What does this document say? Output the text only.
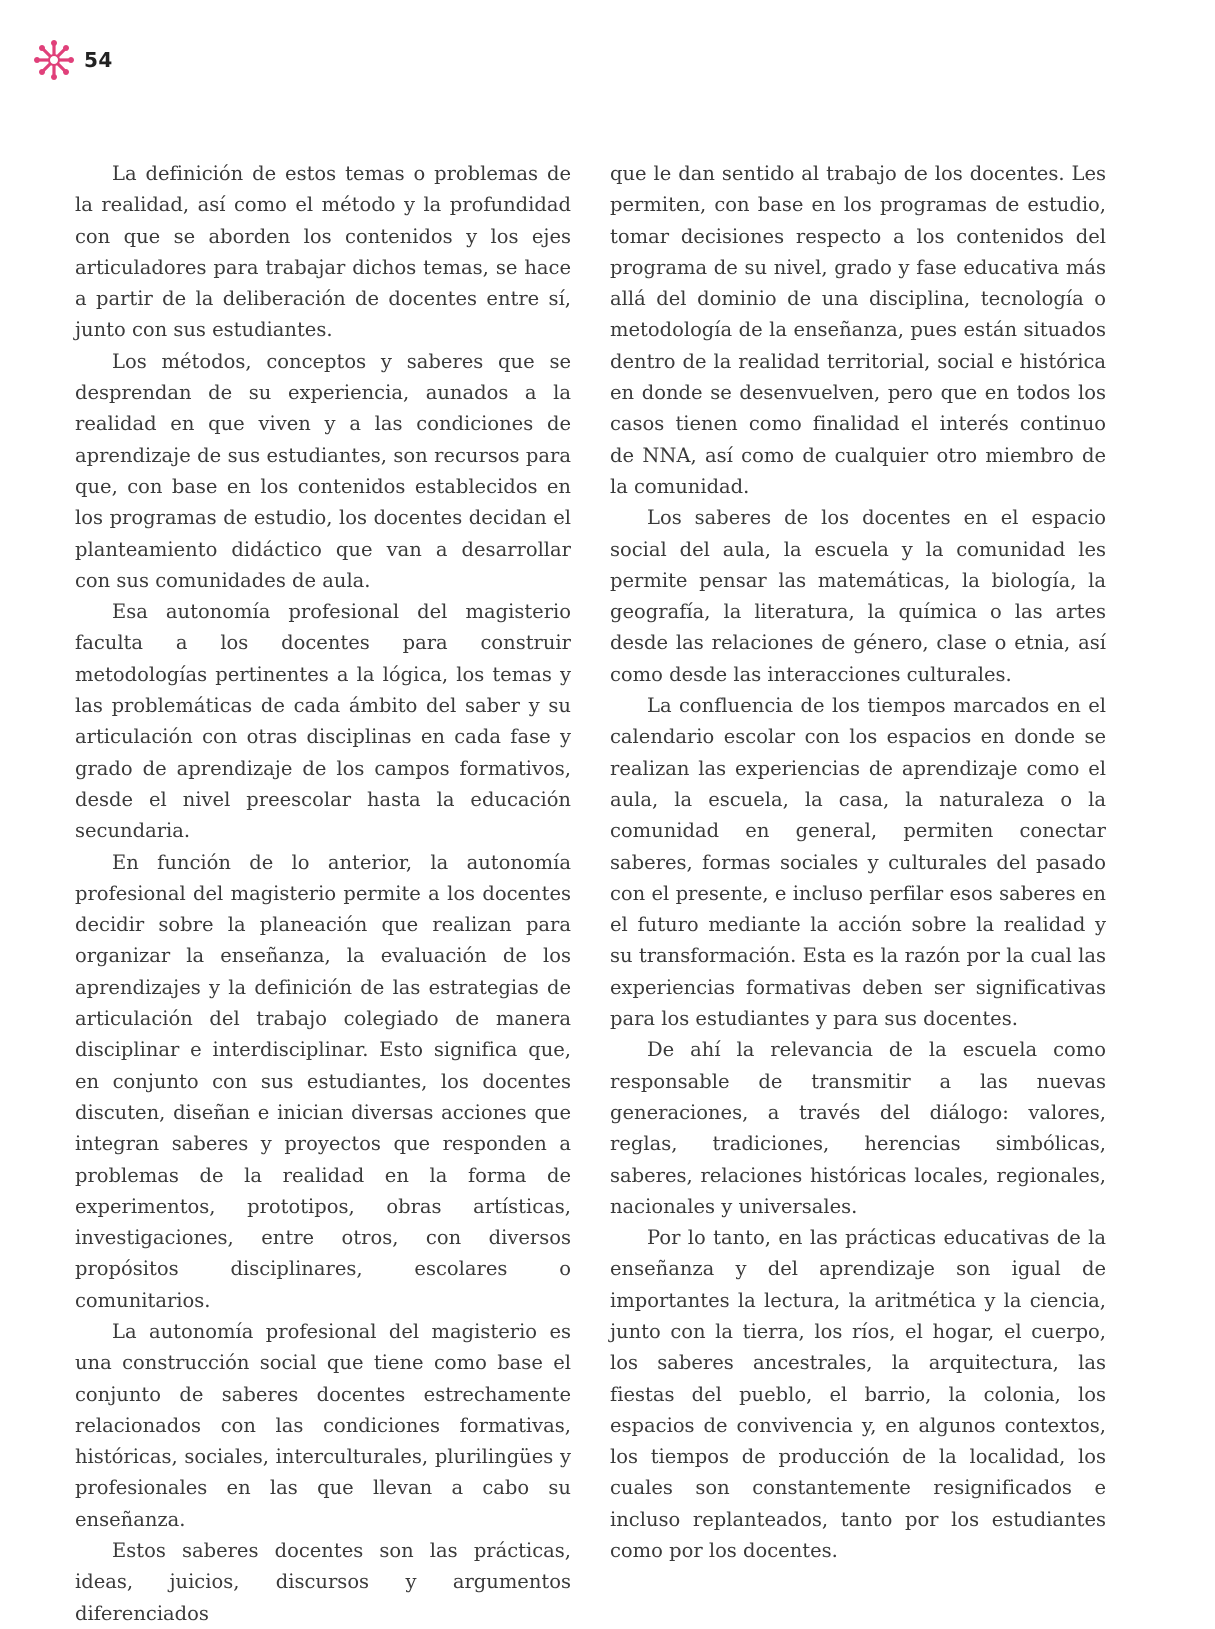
54

La definición de estos temas o problemas de la realidad, así como el método y la profundidad con que se aborden los contenidos y los ejes articuladores para trabajar dichos temas, se hace a partir de la deliberación de docentes entre sí, junto con sus estudiantes.

Los métodos, conceptos y saberes que se desprendan de su experiencia, aunados a la realidad en que viven y a las condiciones de aprendizaje de sus estudiantes, son recursos para que, con base en los contenidos establecidos en los programas de estudio, los docentes decidan el planteamiento didáctico que van a desarrollar con sus comunidades de aula.

Esa autonomía profesional del magisterio faculta a los docentes para construir metodologías pertinentes a la lógica, los temas y las problemáticas de cada ámbito del saber y su articulación con otras disciplinas en cada fase y grado de aprendizaje de los campos formativos, desde el nivel preescolar hasta la educación secundaria.

En función de lo anterior, la autonomía profesional del magisterio permite a los docentes decidir sobre la planeación que realizan para organizar la enseñanza, la evaluación de los aprendizajes y la definición de las estrategias de articulación del trabajo colegiado de manera disciplinar e interdisciplinar. Esto significa que, en conjunto con sus estudiantes, los docentes discuten, diseñan e inician diversas acciones que integran saberes y proyectos que responden a problemas de la realidad en la forma de experimentos, prototipos, obras artísticas, investigaciones, entre otros, con diversos propósitos disciplinares, escolares o comunitarios.

La autonomía profesional del magisterio es una construcción social que tiene como base el conjunto de saberes docentes estrechamente relacionados con las condiciones formativas, históricas, sociales, interculturales, plurilingües y profesionales en las que llevan a cabo su enseñanza.

Estos saberes docentes son las prácticas, ideas, juicios, discursos y argumentos diferenciados

que le dan sentido al trabajo de los docentes. Les permiten, con base en los programas de estudio, tomar decisiones respecto a los contenidos del programa de su nivel, grado y fase educativa más allá del dominio de una disciplina, tecnología o metodología de la enseñanza, pues están situados dentro de la realidad territorial, social e histórica en donde se desenvuelven, pero que en todos los casos tienen como finalidad el interés continuo de NNA, así como de cualquier otro miembro de la comunidad.

Los saberes de los docentes en el espacio social del aula, la escuela y la comunidad les permite pensar las matemáticas, la biología, la geografía, la literatura, la química o las artes desde las relaciones de género, clase o etnia, así como desde las interacciones culturales.

La confluencia de los tiempos marcados en el calendario escolar con los espacios en donde se realizan las experiencias de aprendizaje como el aula, la escuela, la casa, la naturaleza o la comunidad en general, permiten conectar saberes, formas sociales y culturales del pasado con el presente, e incluso perfilar esos saberes en el futuro mediante la acción sobre la realidad y su transformación. Esta es la razón por la cual las experiencias formativas deben ser significativas para los estudiantes y para sus docentes.

De ahí la relevancia de la escuela como responsable de transmitir a las nuevas generaciones, a través del diálogo: valores, reglas, tradiciones, herencias simbólicas, saberes, relaciones históricas locales, regionales, nacionales y universales.

Por lo tanto, en las prácticas educativas de la enseñanza y del aprendizaje son igual de importantes la lectura, la aritmética y la ciencia, junto con la tierra, los ríos, el hogar, el cuerpo, los saberes ancestrales, la arquitectura, las fiestas del pueblo, el barrio, la colonia, los espacios de convivencia y, en algunos contextos, los tiempos de producción de la localidad, los cuales son constantemente resignificados e incluso replanteados, tanto por los estudiantes como por los docentes.
